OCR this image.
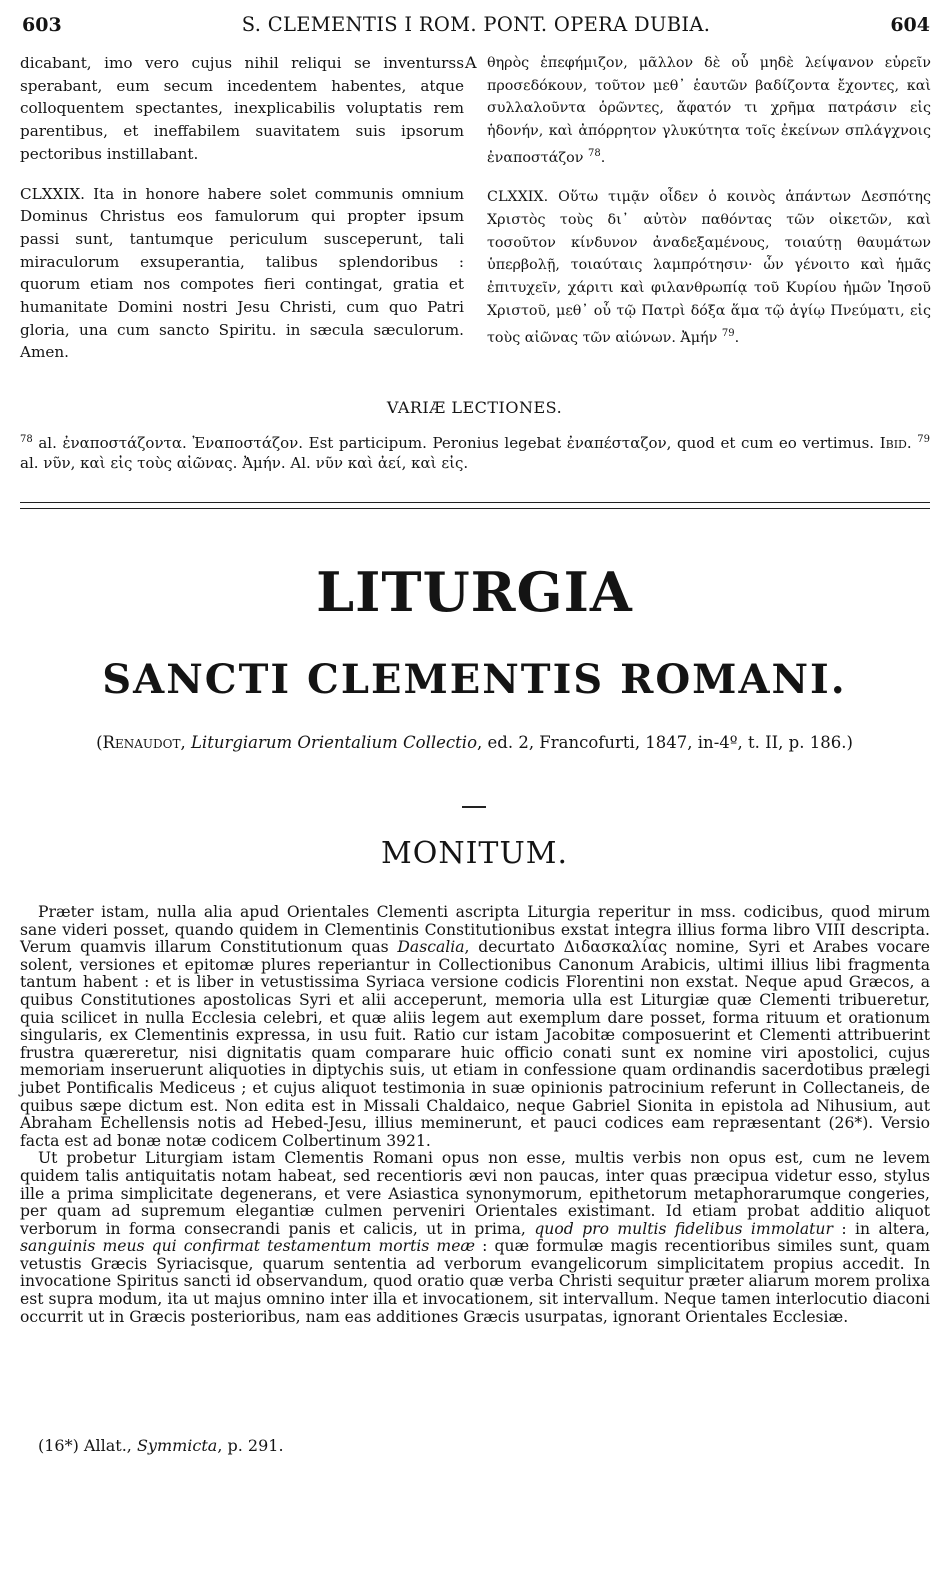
603	S. CLEMENTIS I ROM. PONT. OPERA DUBIA.	604

dicabant, imo vero cujus nihil reliqui se inventurss sperabant, eum secum incedentem habentes, atque colloquentem spectantes, inexplicabilis voluptatis rem parentibus, et ineffabilem suavitatem suis ipsorum pectoribus instillabant.

CLXXIX. Ita in honore habere solet communis omnium Dominus Christus eos famulorum qui propter ipsum passi sunt, tantumque periculum susceperunt, tali miraculorum exsuperantia, talibus splendoribus : quorum etiam nos compotes fieri contingat, gratia et humanitate Domini nostri Jesu Christi, cum quo Patri gloria, una cum sancto Spiritu. in sæcula sæculorum. Amen.

A θηρὸς ἐπεφήμιζον, μᾶλλον δὲ οὗ μηδὲ λείψανον εὑρεῖν προσεδόκουν, τοῦτον μεθ᾽ ἑαυτῶν βαδίζοντα ἔχοντες, καὶ συλλαλοῦντα ὁρῶντες, ἄφατόν τι χρῆμα πατράσιν εἰς ἡδονήν, καὶ ἀπόρρητον γλυκύτητα τοῖς ἐκείνων σπλάγχνοις ἐναποστάζον $^{78}$.

CLXXIX. Οὕτω τιμᾷν οἶδεν ὁ κοινὸς ἁπάντων Δεσπότης Χριστὸς τοὺς δι᾽ αὐτὸν παθόντας τῶν οἰκετῶν, καὶ τοσοῦτον κίνδυνον ἀναδεξαμένους, τοιαύτῃ θαυμάτων ὑπερβολῇ, τοιαύταις λαμπρότησιν· ὧν γένοιτο καὶ ἡμᾶς ἐπιτυχεῖν, χάριτι καὶ φιλανθρωπίᾳ τοῦ Κυρίου ἡμῶν Ἰησοῦ Χριστοῦ, μεθ᾽ οὗ τῷ Πατρὶ δόξα ἅμα τῷ ἁγίῳ Πνεύματι, εἰς τοὺς αἰῶνας τῶν αἰώνων. Ἀμήν $^{79}$.

VARIÆ LECTIONES.
$^{78}$ al. ἐναποστάζοντα. Ἐναποστάζον. Est participum. Peronius legebat ἐναπέσταζον, quod et cum eo vertimus. Ibid. $^{79}$ al. νῦν, καὶ εἰς τοὺς αἰῶνας. Ἀμήν. Al. νῦν καὶ ἀεί, καὶ εἰς.
LITURGIA
SANCTI CLEMENTIS ROMANI.
(Renaudot, Liturgiarum Orientalium Collectio, ed. 2, Francofurti, 1847, in-4º, t. II, p. 186.)
MONITUM.

Præter istam, nulla alia apud Orientales Clementi ascripta Liturgia reperitur in mss. codicibus, quod mirum sane videri posset, quando quidem in Clementinis Constitutionibus exstat integra illius forma libro VIII descripta. Verum quamvis illarum Constitutionum quas Dascalia, decurtato Διδασκαλίας nomine, Syri et Arabes vocare solent, versiones et epitomæ plures reperiantur in Collectionibus Canonum Arabicis, ultimi illius libi fragmenta tantum habent : et is liber in vetustissima Syriaca versione codicis Florentini non exstat. Neque apud Græcos, a quibus Constitutiones apostolicas Syri et alii acceperunt, memoria ulla est Liturgiæ quæ Clementi tribueretur, quia scilicet in nulla Ecclesia celebri, et quæ aliis legem aut exemplum dare posset, forma rituum et orationum singularis, ex Clementinis expressa, in usu fuit. Ratio cur istam Jacobitæ composuerint et Clementi attribuerint frustra quæreretur, nisi dignitatis quam comparare huic officio conati sunt ex nomine viri apostolici, cujus memoriam inseruerunt aliquoties in diptychis suis, ut etiam in confessione quam ordinandis sacerdotibus prælegi jubet Pontificalis Mediceus ; et cujus aliquot testimonia in suæ opinionis patrocinium referunt in Collectaneis, de quibus sæpe dictum est. Non edita est in Missali Chaldaico, neque Gabriel Sionita in epistola ad Nihusium, aut Abraham Echellensis notis ad Hebed-Jesu, illius meminerunt, et pauci codices eam repræsentant (26*). Versio facta est ad bonæ notæ codicem Colbertinum 3921.

Ut probetur Liturgiam istam Clementis Romani opus non esse, multis verbis non opus est, cum ne levem quidem talis antiquitatis notam habeat, sed recentioris ævi non paucas, inter quas præcipua videtur esso, stylus ille a prima simplicitate degenerans, et vere Asiastica synonymorum, epithetorum metaphorarumque congeries, per quam ad supremum elegantiæ culmen perveniri Orientales existimant. Id etiam probat additio aliquot verborum in forma consecrandi panis et calicis, ut in prima, quod pro multis fidelibus immolatur : in altera, sanguinis meus qui confirmat testamentum mortis meæ : quæ formulæ magis recentioribus similes sunt, quam vetustis Græcis Syriacisque, quarum sententia ad verborum evangelicorum simplicitatem propius accedit. In invocatione Spiritus sancti id observandum, quod oratio quæ verba Christi sequitur præter aliarum morem prolixa est supra modum, ita ut majus omnino inter illa et invocationem, sit intervallum. Neque tamen interlocutio diaconi occurrit ut in Græcis posterioribus, nam eas additiones Græcis usurpatas, ignorant Orientales Ecclesiæ.

(16*) Allat., Symmicta, p. 291.
